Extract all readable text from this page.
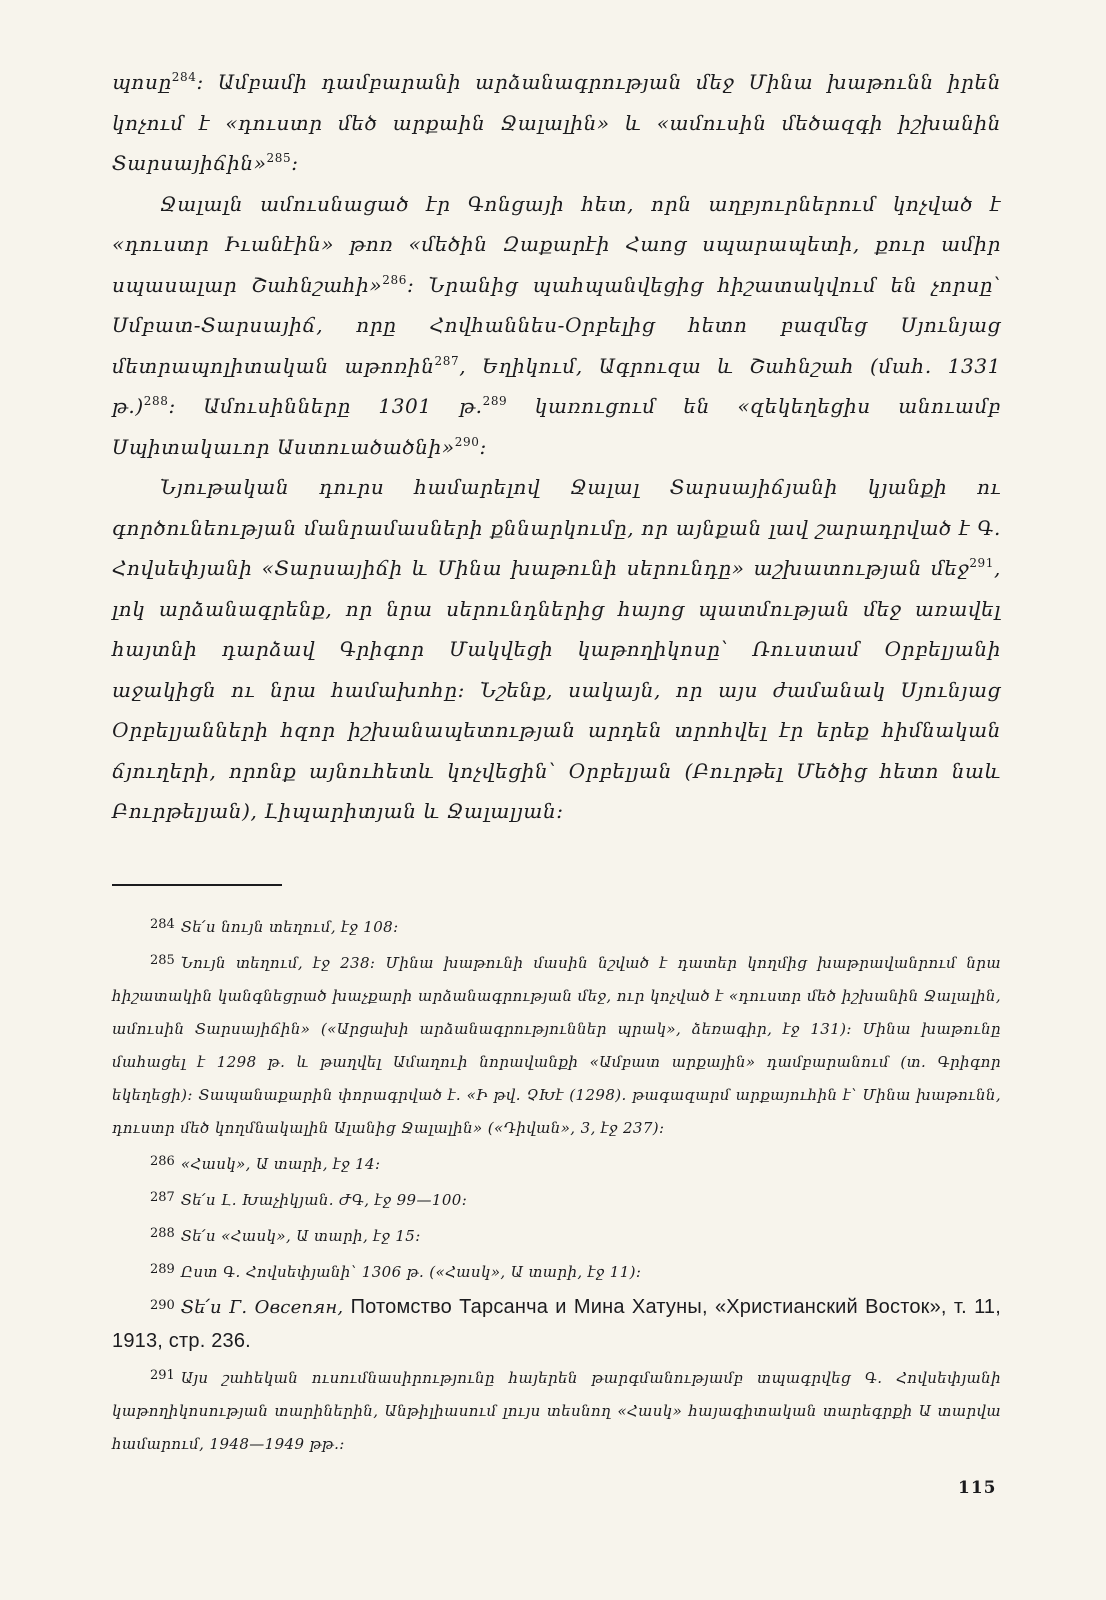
պոսը$^{284}$։ Ամբամի դամբարանի արձանագրության մեջ Մինա խաթունն իրեն կոչում է «դուստր մեծ արքաին Ջալալին» և «ամուսին մեծազգի իշխանին Տարսայիճին»$^{285}$։

Ջալալն ամուսնացած էր Գոնցայի հետ, որն աղբյուրներում կոչված է «դուստր Իւանէին» թոռ «մեծին Զաքարէի Հաոց սպարապետի, քուր ամիր սպասալար Շահնշահի»$^{286}$։ Նրանից պահպանվեցից հիշատակվում են չորսը՝ Սմբատ-Տարսայիճ, որը Հովհաննես-Օրբելից հետո բազմեց Սյունյաց մետրապոլիտական աթոռին$^{287}$, Եղիկում, Ագրուզա և Շահնշահ (մահ. 1331 թ.)$^{288}$։ Ամուսինները 1301 թ.$^{289}$ կառուցում են «զեկեղեցիս անուամբ Սպիտակաւոր Աստուածածնի»$^{290}$։

Նյութական դուրս համարելով Ջալալ Տարսայիճյանի կյանքի ու գործունեության մանրամասների քննարկումը, որ այնքան լավ շարադրված է Գ. Հովսեփյանի «Տարսայիճի և Մինա խաթունի սերունդը» աշխատության մեջ$^{291}$, լոկ արձանագրենք, որ նրա սերունդներից հայոց պատմության մեջ առավել հայտնի դարձավ Գրիգոր Մակվեցի կաթողիկոսը՝ Ռուստամ Օրբելյանի աջակիցն ու նրա համախոհը։ Նշենք, սակայն, որ այս ժամանակ Սյունյաց Օրբելյանների հզոր իշխանապետության արդեն տրոհվել էր երեք հիմնական ճյուղերի, որոնք այնուհետև կոչվեցին՝ Օրբելյան (Բուրթել Մեծից հետո նաև Բուրթելյան), Լիպարիտյան և Ջալալյան։

284 Տե՛ս նույն տեղում, էջ 108։

285 Նույն տեղում, էջ 238։ Մինա խաթունի մասին նշված է դատեր կողմից խաթրավանրում նրա հիշատակին կանգնեցրած խաչքարի արձանագրության մեջ, ուր կոչված է «դուստր մեծ իշխանին Ջալալին, ամուսին Տարսայիճին» («Արցախի արձանագրություններ պրակ», ձեռագիր, էջ 131)։ Մինա խաթունը մահացել է 1298 թ. և թաղվել Ամաղուի նորավանքի «Ամբատ արքային» դամբարանում (տ. Գրիգոր եկեղեցի)։ Տապանաքարին փորագրված է. «Ի թվ. ՉԽէ (1298). թագազարմ արքայուհին է՝ Մինա խաթունն, դուստր մեծ կողմնակալին Ալանից Ջալալին» («Դիվան», 3, էջ 237)։

286 «Հասկ», Ա տարի, էջ 14։

287 Տե՛ս Լ. Խաչիկյան. ԺԳ, էջ 99—100։

288 Տե՛ս «Հասկ», Ա տարի, էջ 15։

289 Ըստ Գ. Հովսեփյանի՝ 1306 թ. («Հասկ», Ա տարի, էջ 11)։

290 Տե՛ս Г. Овсепян, Потомство Тарсанча и Мина Хатуны, «Христианский Восток», т. 11, 1913, стр. 236.

291 Այս շահեկան ուսումնասիրությունը հայերեն թարգմանությամբ տպագրվեց Գ. Հովսեփյանի կաթողիկոսության տարիներին, Անթիլիասում լույս տեսնող «Հասկ» հայագիտական տարեգրքի Ա տարվա համարում, 1948—1949 թթ.։

115
